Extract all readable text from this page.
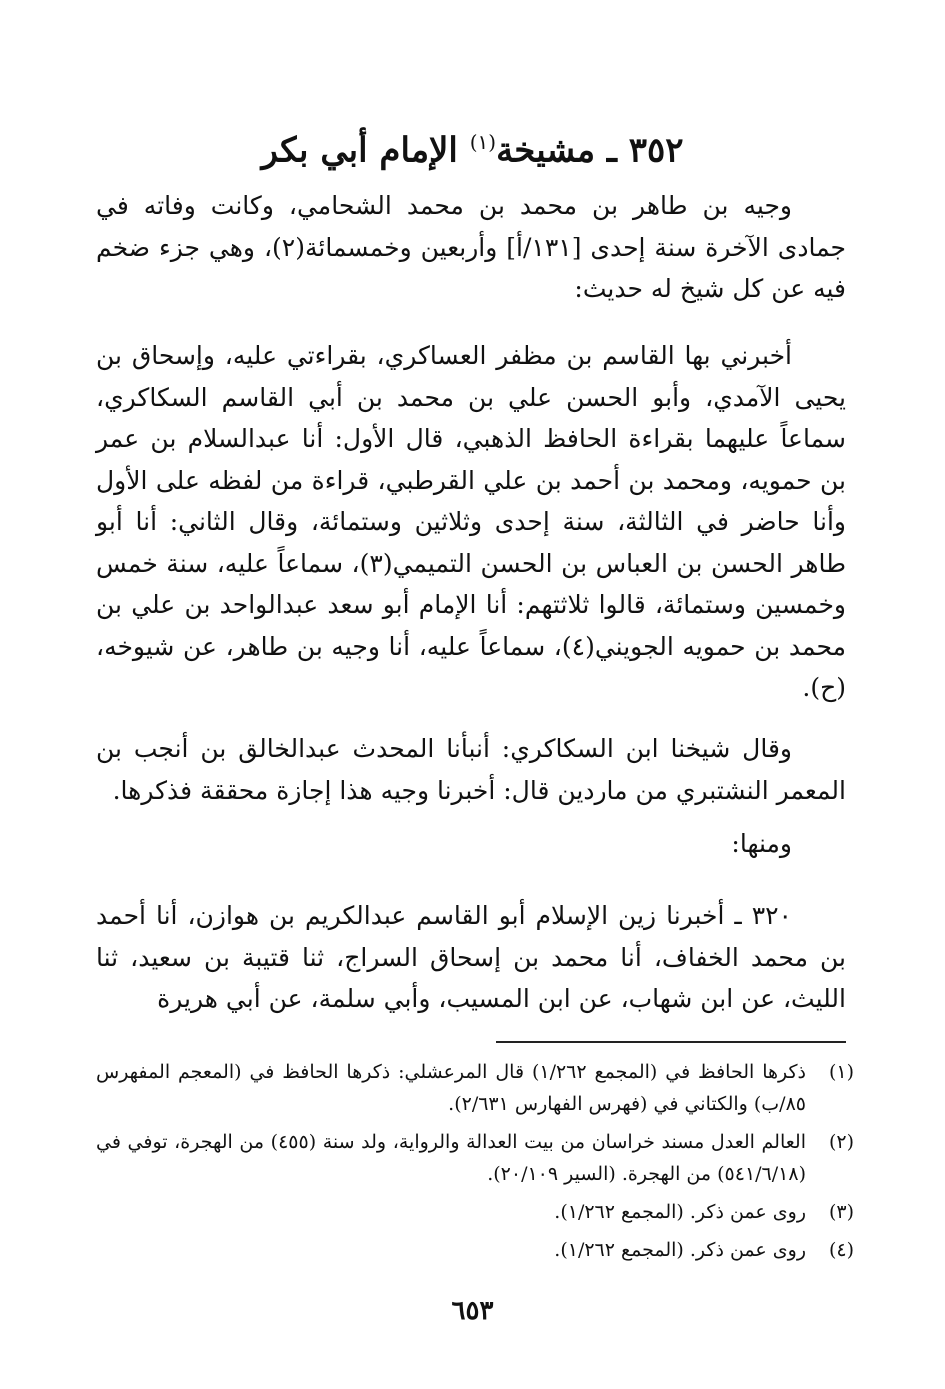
٣٥٢ ـ مشيخة$^{(١)}$ الإمام أبي بكر

وجيه بن طاهر بن محمد بن محمد الشحامي، وكانت وفاته في جمادى الآخرة سنة إحدى [١٣١/أ] وأربعين وخمسمائة(٢)، وهي جزء ضخم فيه عن كل شيخ له حديث:

أخبرني بها القاسم بن مظفر العساكري، بقراءتي عليه، وإسحاق بن يحيى الآمدي، وأبو الحسن علي بن محمد بن أبي القاسم السكاكري، سماعاً عليهما بقراءة الحافظ الذهبي، قال الأول: أنا عبدالسلام بن عمر بن حمويه، ومحمد بن أحمد بن علي القرطبي، قراءة من لفظه على الأول وأنا حاضر في الثالثة، سنة إحدى وثلاثين وستمائة، وقال الثاني: أنا أبو طاهر الحسن بن العباس بن الحسن التميمي(٣)، سماعاً عليه، سنة خمس وخمسين وستمائة، قالوا ثلاثتهم: أنا الإمام أبو سعد عبدالواحد بن علي بن محمد بن حمويه الجويني(٤)، سماعاً عليه، أنا وجيه بن طاهر، عن شيوخه، (ح).

وقال شيخنا ابن السكاكري: أنبأنا المحدث عبدالخالق بن أنجب بن المعمر النشتبري من ماردين قال: أخبرنا وجيه هذا إجازة محققة فذكرها.

ومنها:

٣٢٠ ـ أخبرنا زين الإسلام أبو القاسم عبدالكريم بن هوازن، أنا أحمد بن محمد الخفاف، أنا محمد بن إسحاق السراج، ثنا قتيبة بن سعيد، ثنا الليث، عن ابن شهاب، عن ابن المسيب، وأبي سلمة، عن أبي هريرة

(١)
ذكرها الحافظ في (المجمع ١/٢٦٢) قال المرعشلي: ذكرها الحافظ في (المعجم المفهرس ٨٥/ب) والكتاني في (فهرس الفهارس ٢/٦٣١).
(٢)
العالم العدل مسند خراسان من بيت العدالة والرواية، ولد سنة (٤٥٥) من الهجرة، توفي في (٥٤١/٦/١٨) من الهجرة. (السير ٢٠/١٠٩).
(٣)
روى عمن ذكر. (المجمع ١/٢٦٢).
(٤)
روى عمن ذكر. (المجمع ١/٢٦٢).
٦٥٣
